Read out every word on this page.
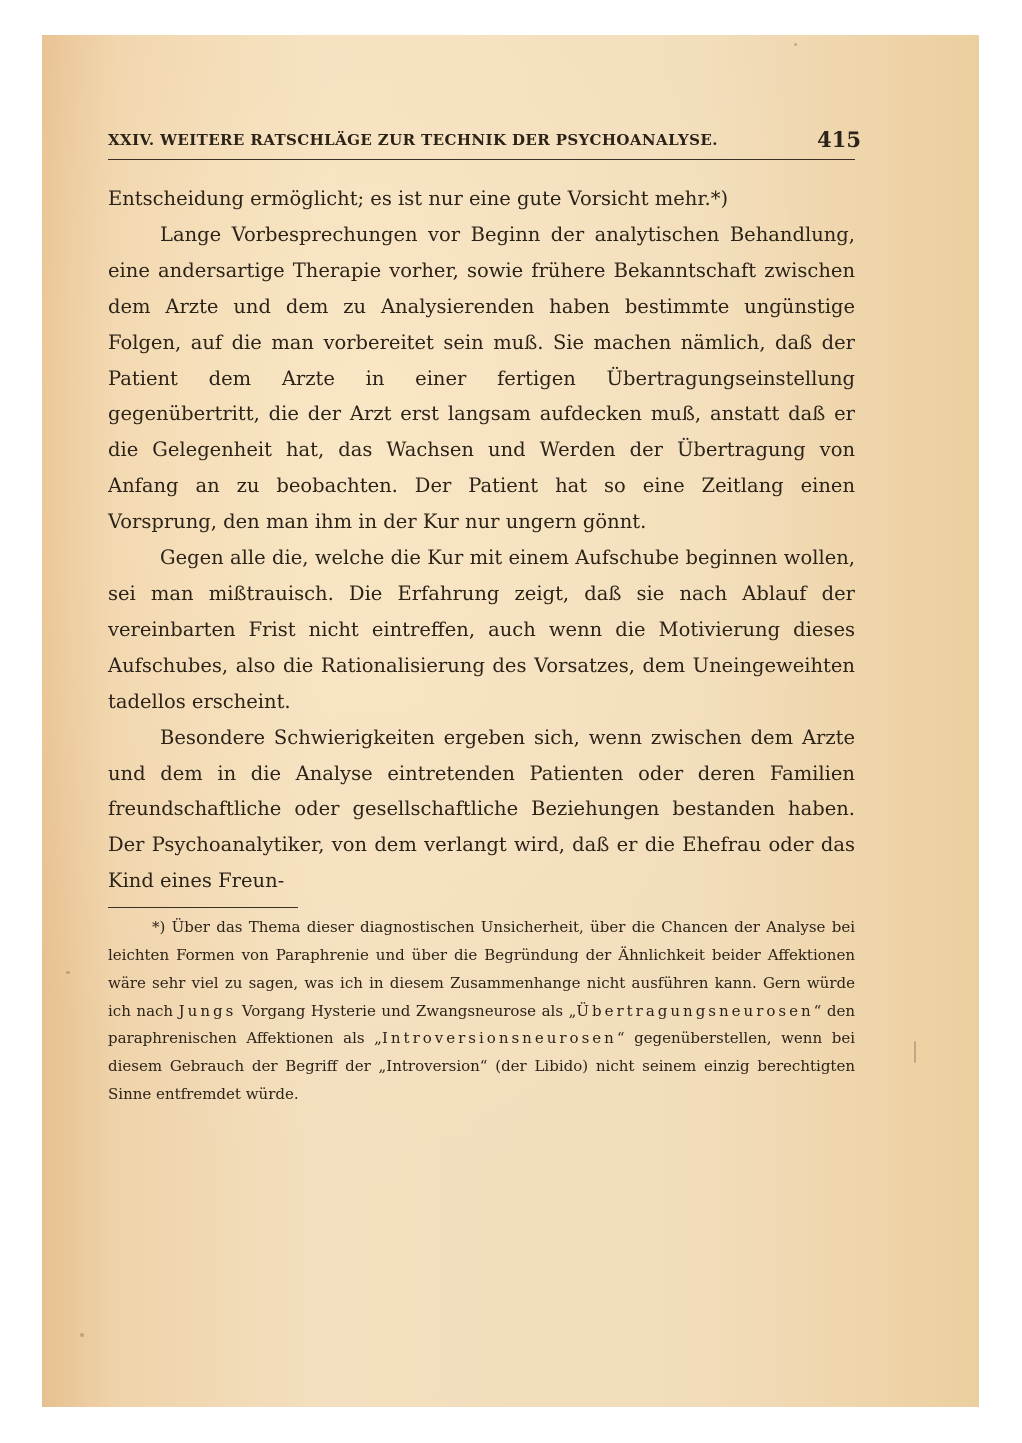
XXIV. WEITERE RATSCHLÄGE ZUR TECHNIK DER PSYCHOANALYSE.	415

Entscheidung ermöglicht; es ist nur eine gute Vorsicht mehr.*)

Lange Vorbesprechungen vor Beginn der analytischen Behandlung, eine andersartige Therapie vorher, sowie frühere Bekanntschaft zwischen dem Arzte und dem zu Analysierenden haben bestimmte ungünstige Folgen, auf die man vorbereitet sein muß. Sie machen nämlich, daß der Patient dem Arzte in einer fertigen Übertragungseinstellung gegenübertritt, die der Arzt erst langsam aufdecken muß, anstatt daß er die Gelegenheit hat, das Wachsen und Werden der Übertragung von Anfang an zu beobachten. Der Patient hat so eine Zeitlang einen Vorsprung, den man ihm in der Kur nur ungern gönnt.

Gegen alle die, welche die Kur mit einem Aufschube beginnen wollen, sei man mißtrauisch. Die Erfahrung zeigt, daß sie nach Ablauf der vereinbarten Frist nicht eintreffen, auch wenn die Motivierung dieses Aufschubes, also die Rationalisierung des Vorsatzes, dem Uneingeweihten tadellos erscheint.

Besondere Schwierigkeiten ergeben sich, wenn zwischen dem Arzte und dem in die Analyse eintretenden Patienten oder deren Familien freundschaftliche oder gesellschaftliche Beziehungen bestanden haben. Der Psychoanalytiker, von dem verlangt wird, daß er die Ehefrau oder das Kind eines Freun-

*) Über das Thema dieser diagnostischen Unsicherheit, über die Chancen der Analyse bei leichten Formen von Paraphrenie und über die Begründung der Ähnlichkeit beider Affektionen wäre sehr viel zu sagen, was ich in diesem Zusammenhange nicht ausführen kann. Gern würde ich nach Jungs Vorgang Hysterie und Zwangsneurose als „Übertragungsneurosen“ den paraphrenischen Affektionen als „Introversionsneurosen“ gegenüberstellen, wenn bei diesem Gebrauch der Begriff der „Introversion“ (der Libido) nicht seinem einzig berechtigten Sinne entfremdet würde.
